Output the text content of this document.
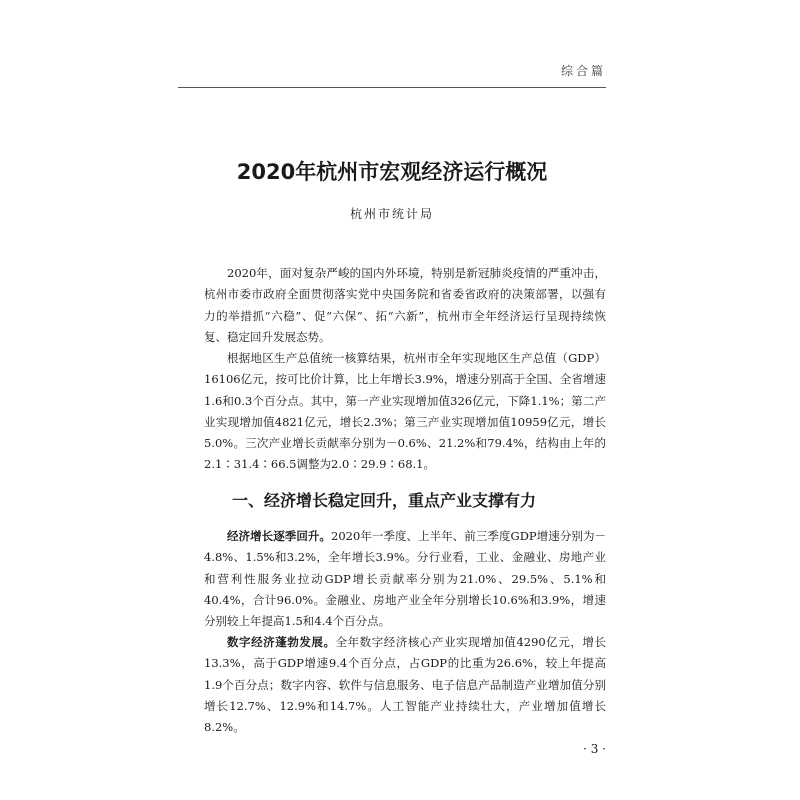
综合篇
2020年杭州市宏观经济运行概况

杭州市统计局

2020年，面对复杂严峻的国内外环境，特别是新冠肺炎疫情的严重冲击，杭州市委市政府全面贯彻落实党中央国务院和省委省政府的决策部署，以强有力的举措抓“六稳”、促“六保”、拓“六新”，杭州市全年经济运行呈现持续恢复、稳定回升发展态势。

根据地区生产总值统一核算结果，杭州市全年实现地区生产总值（GDP）16106亿元，按可比价计算，比上年增长3.9%，增速分别高于全国、全省增速1.6和0.3个百分点。其中，第一产业实现增加值326亿元，下降1.1%；第二产业实现增加值4821亿元，增长2.3%；第三产业实现增加值10959亿元，增长5.0%。三次产业增长贡献率分别为－0.6%、21.2%和79.4%，结构由上年的2.1∶31.4∶66.5调整为2.0∶29.9∶68.1。

一、经济增长稳定回升，重点产业支撑有力

经济增长逐季回升。2020年一季度、上半年、前三季度GDP增速分别为－4.8%、1.5%和3.2%，全年增长3.9%。分行业看，工业、金融业、房地产业和营利性服务业拉动GDP增长贡献率分别为21.0%、29.5%、5.1%和40.4%，合计96.0%。金融业、房地产业全年分别增长10.6%和3.9%，增速分别较上年提高1.5和4.4个百分点。

数字经济蓬勃发展。全年数字经济核心产业实现增加值4290亿元，增长13.3%，高于GDP增速9.4个百分点，占GDP的比重为26.6%，较上年提高1.9个百分点；数字内容、软件与信息服务、电子信息产品制造产业增加值分别增长12.7%、12.9%和14.7%。人工智能产业持续壮大，产业增加值增长8.2%。

· 3 ·
